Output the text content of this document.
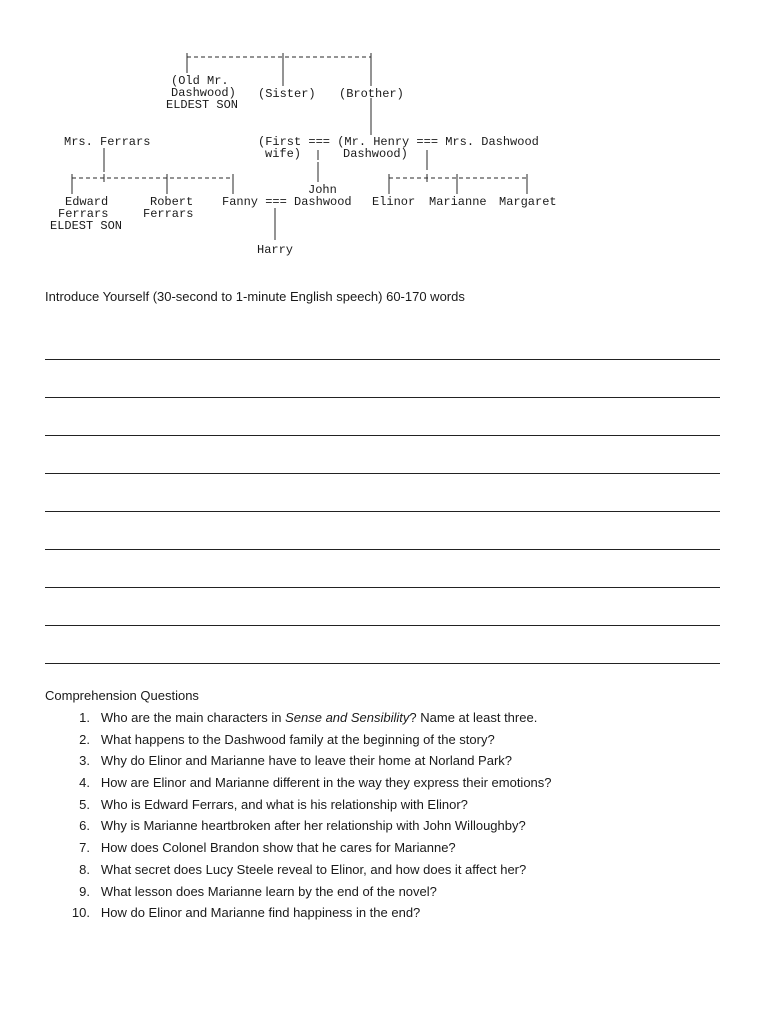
(Old Mr.
Dashwood)
ELDEST SON
(Sister) (Brother)
Mrs. Ferrars	(First === (Mr. Henry === Mrs. Dashwood
wife)	Dashwood)
Edward
Ferrars
ELDEST SON
Robert
Ferrars
John
Fanny === Dashwood Elinor Marianne Margaret
Harry
Introduce Yourself (30-second to 1-minute English speech) 60-170 words
Comprehension Questions
1.
Who are the main characters in Sense and Sensibility? Name at least three.
2.
What happens to the Dashwood family at the beginning of the story?
3.
Why do Elinor and Marianne have to leave their home at Norland Park?
4.
How are Elinor and Marianne different in the way they express their emotions?
5.
Who is Edward Ferrars, and what is his relationship with Elinor?
6.
Why is Marianne heartbroken after her relationship with John Willoughby?
7.
How does Colonel Brandon show that he cares for Marianne?
8.
What secret does Lucy Steele reveal to Elinor, and how does it affect her?
9.
What lesson does Marianne learn by the end of the novel?
10.
How do Elinor and Marianne find happiness in the end?
